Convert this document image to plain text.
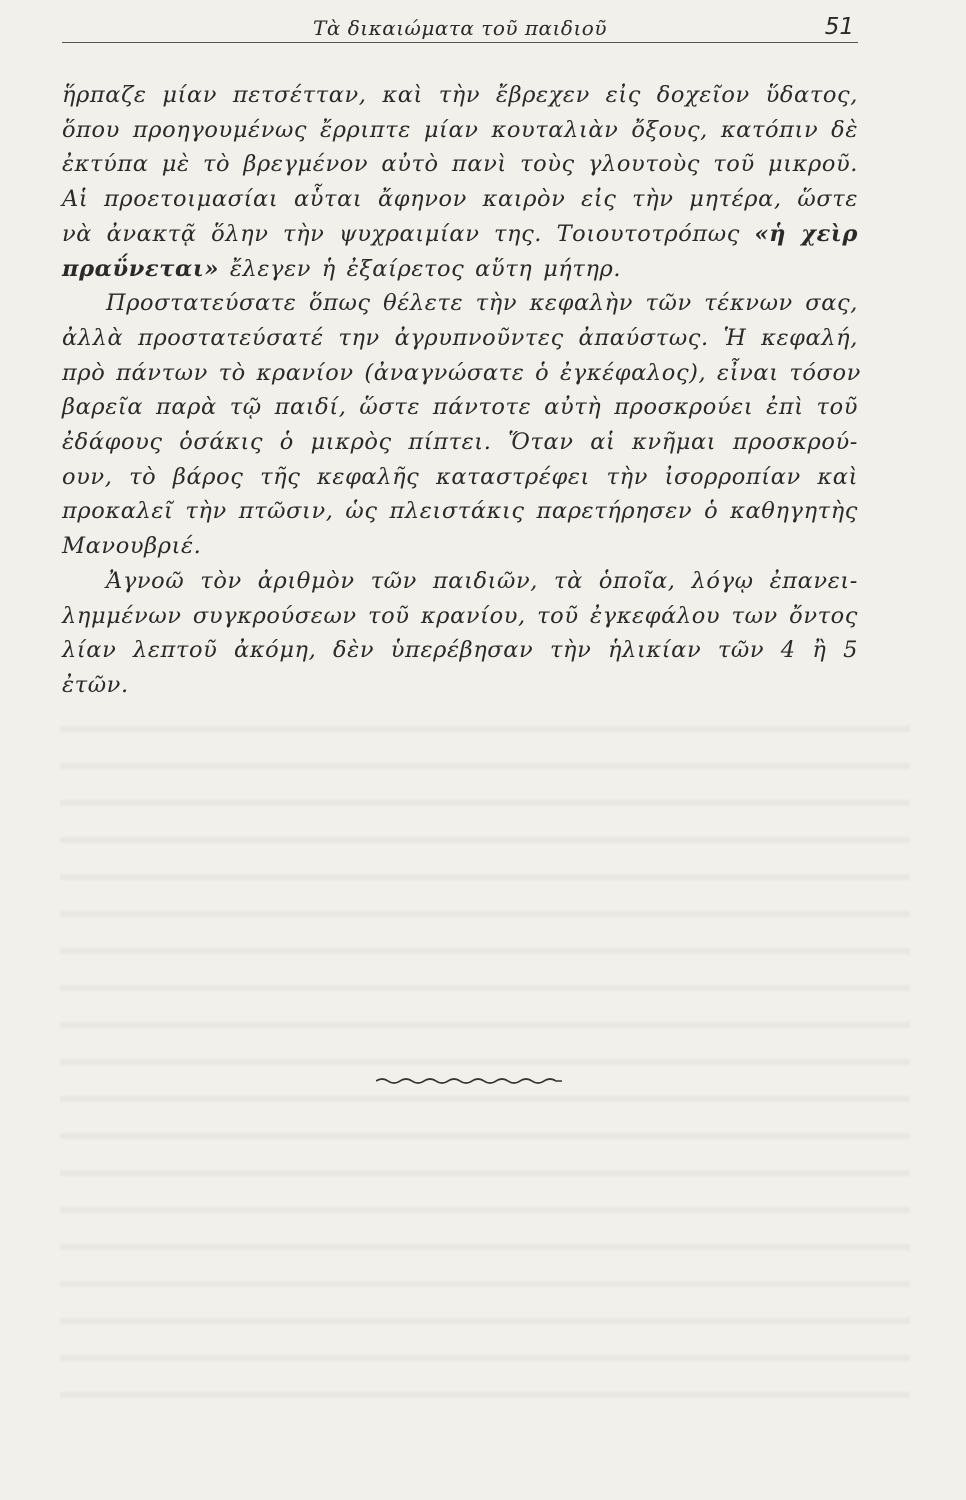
Τὰ δικαιώματα τοῦ παιδιοῦ	51
ἥρπαζε μίαν πετσέτταν, καὶ τὴν ἔβρεχεν εἰς δοχεῖον ὕδατος,
ὅπου προηγουμένως ἔρριπτε μίαν κουταλιὰν ὄξους, κατόπιν δὲ
ἐκτύπα μὲ τὸ βρεγμένον αὐτὸ πανὶ τοὺς γλουτοὺς τοῦ μικροῦ.
Αἱ προετοιμασίαι αὗται ἄφηνον καιρὸν εἰς τὴν μητέρα, ὥστε
νὰ ἀνακτᾷ ὅλην τὴν ψυχραιμίαν της. Τοιουτοτρόπως «ἡ χεὶρ
πραΰνεται» ἔλεγεν ἡ ἐξαίρετος αὕτη μήτηρ.
Προστατεύσατε ὅπως θέλετε τὴν κεφαλὴν τῶν τέκνων σας,
ἀλλὰ προστατεύσατέ την ἀγρυπνοῦντες ἀπαύστως. Ἡ κεφαλή,
πρὸ πάντων τὸ κρανίον (ἀναγνώσατε ὁ ἐγκέφαλος), εἶναι τόσον
βαρεῖα παρὰ τῷ παιδί, ὥστε πάντοτε αὐτὴ προσκρούει ἐπὶ τοῦ
ἐδάφους ὁσάκις ὁ μικρὸς πίπτει. Ὅταν αἱ κνῆμαι προσκρού-
ουν, τὸ βάρος τῆς κεφαλῆς καταστρέφει τὴν ἰσορροπίαν καὶ
προκαλεῖ τὴν πτῶσιν, ὡς πλειστάκις παρετήρησεν ὁ καθηγητὴς
Μανουβριέ.
Ἀγνοῶ τὸν ἀριθμὸν τῶν παιδιῶν, τὰ ὁποῖα, λόγῳ ἐπανει-
λημμένων συγκρούσεων τοῦ κρανίου, τοῦ ἐγκεφάλου των ὄντος
λίαν λεπτοῦ ἀκόμη, δὲν ὑπερέβησαν τὴν ἡλικίαν τῶν 4 ἢ 5
ἐτῶν.
